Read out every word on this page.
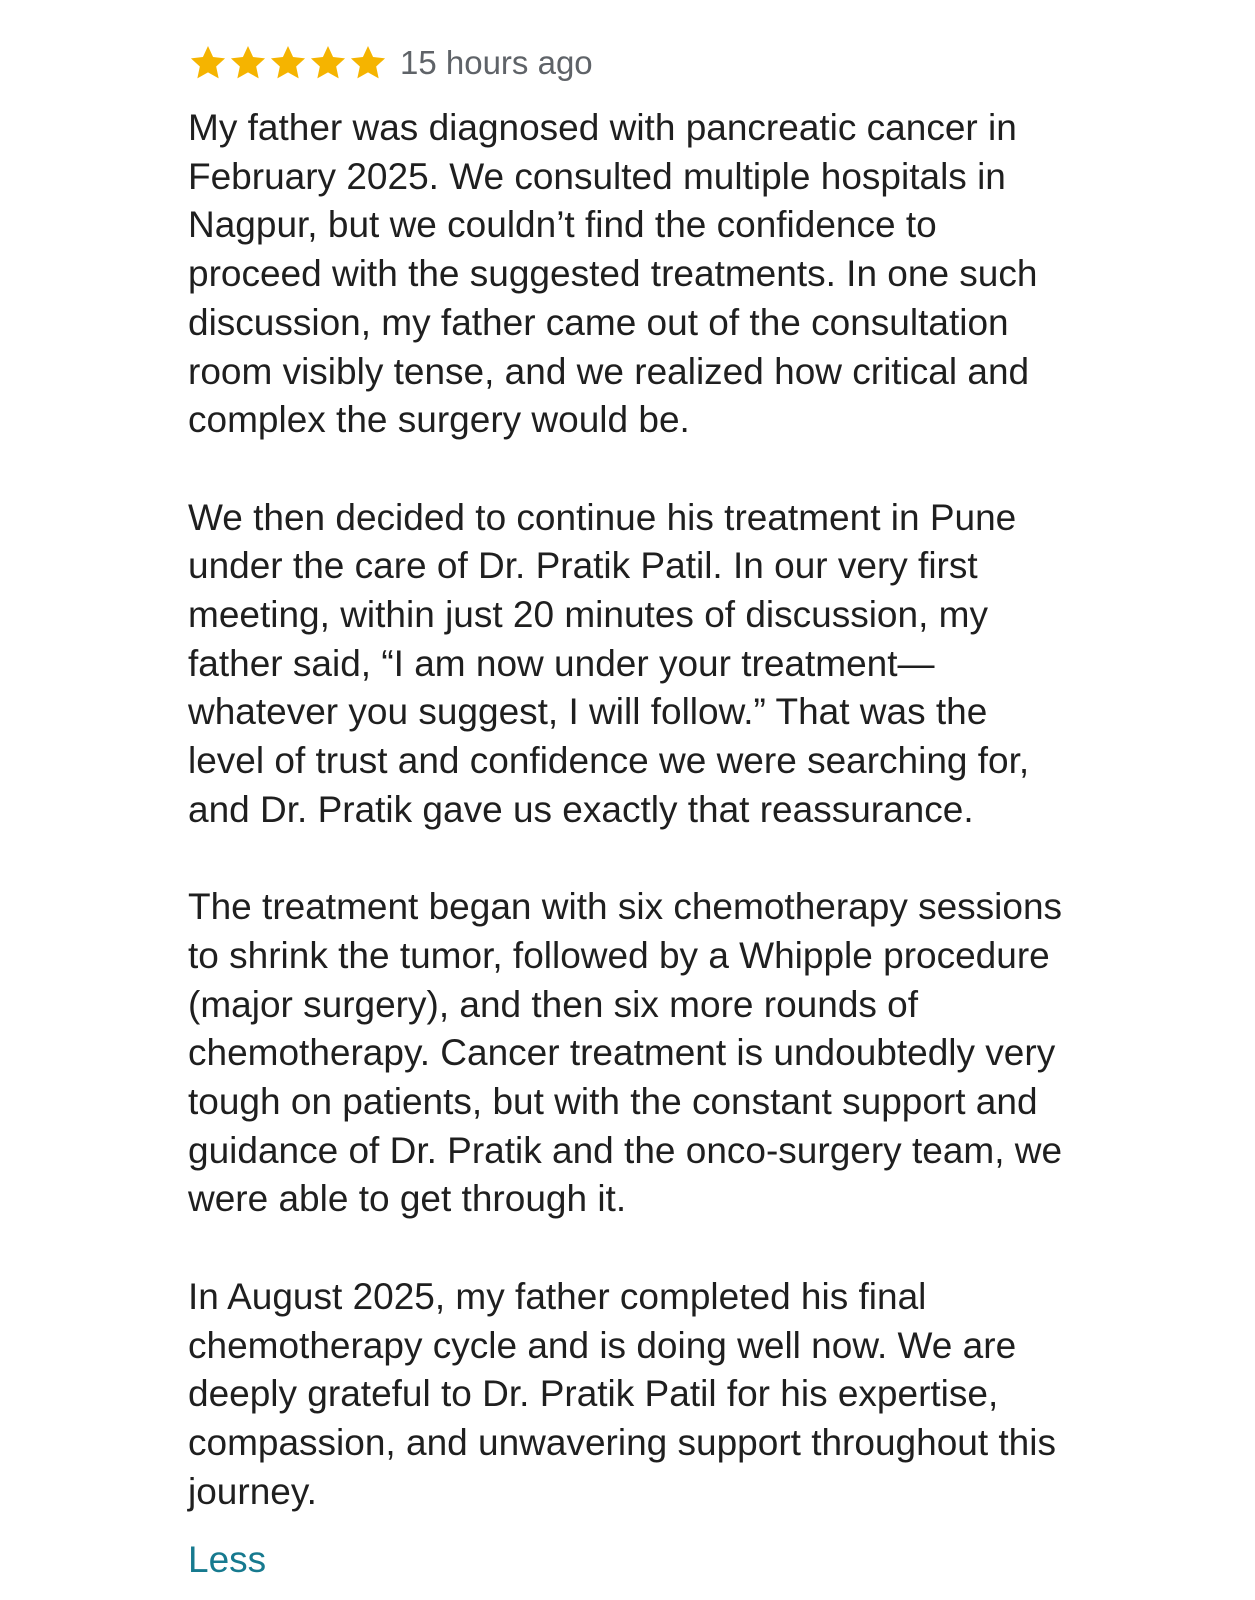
15 hours ago

My father was diagnosed with pancreatic cancer in
February 2025. We consulted multiple hospitals in
Nagpur, but we couldn’t find the confidence to
proceed with the suggested treatments. In one such
discussion, my father came out of the consultation
room visibly tense, and we realized how critical and
complex the surgery would be.

We then decided to continue his treatment in Pune
under the care of Dr. Pratik Patil. In our very first
meeting, within just 20 minutes of discussion, my
father said, “I am now under your treatment—
whatever you suggest, I will follow.” That was the
level of trust and confidence we were searching for,
and Dr. Pratik gave us exactly that reassurance.

The treatment began with six chemotherapy sessions
to shrink the tumor, followed by a Whipple procedure
(major surgery), and then six more rounds of
chemotherapy. Cancer treatment is undoubtedly very
tough on patients, but with the constant support and
guidance of Dr. Pratik and the onco-surgery team, we
were able to get through it.

In August 2025, my father completed his final
chemotherapy cycle and is doing well now. We are
deeply grateful to Dr. Pratik Patil for his expertise,
compassion, and unwavering support throughout this
journey.

Less
